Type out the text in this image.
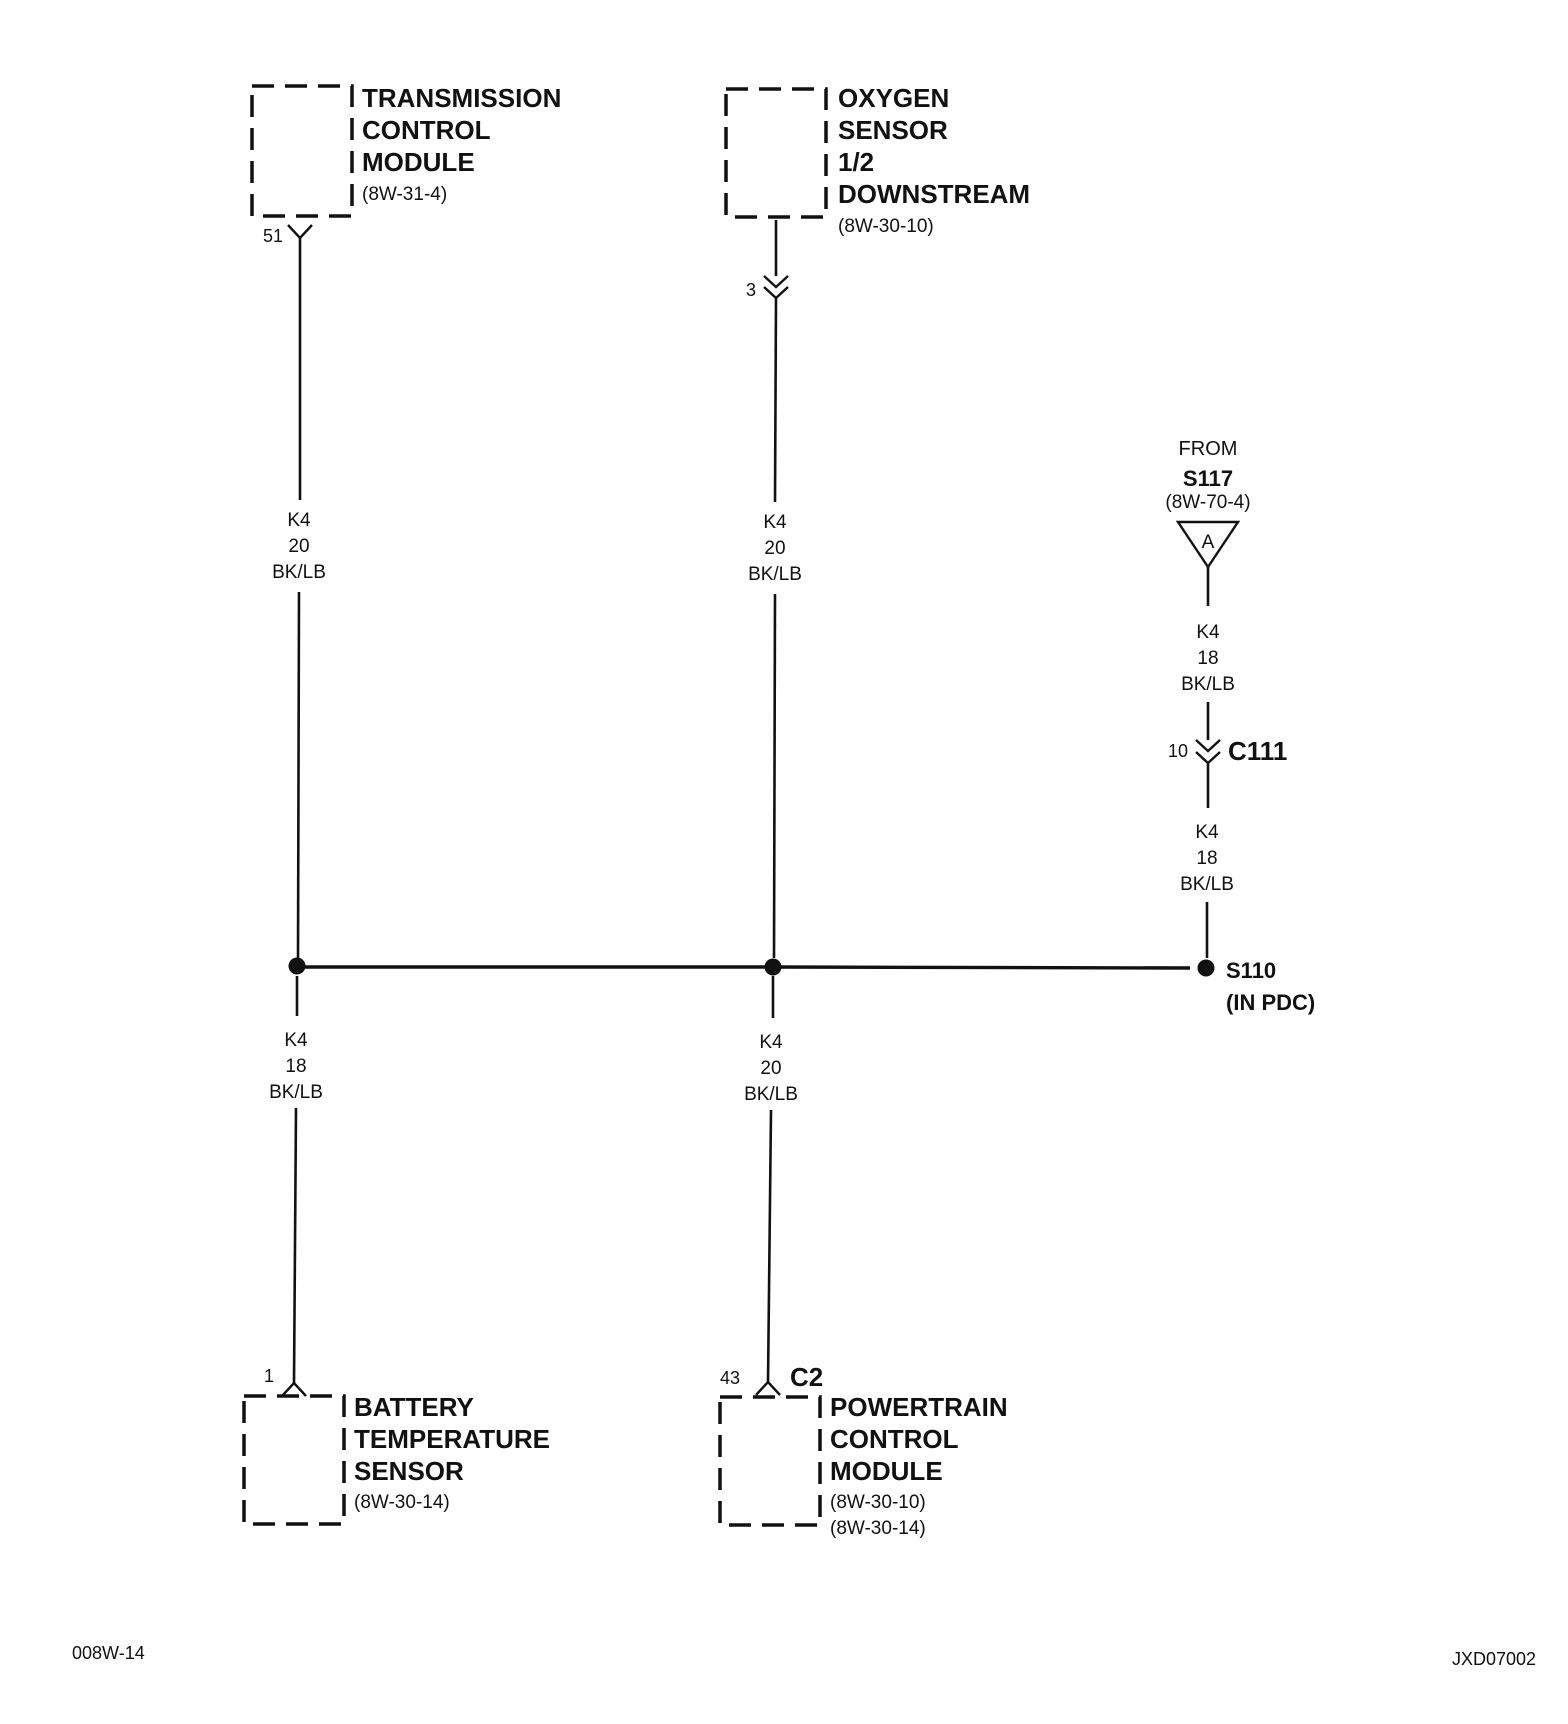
TRANSMISSION
CONTROL
MODULE
(8W-31-4)
51
OXYGEN
SENSOR
1/2
DOWNSTREAM
(8W-30-10)
3
FROM
S117
(8W-70-4)
A
10 C111
K4
20
BK/LB
K4
20
BK/LB
K4
18
BK/LB
K4
18
BK/LB
S110
(IN PDC)
K4
18
BK/LB
K4
20
BK/LB
1
BATTERY
TEMPERATURE
SENSOR
(8W-30-14)
43 C2
POWERTRAIN
CONTROL
MODULE
(8W-30-10)
(8W-30-14)
008W-14	JXD07002
